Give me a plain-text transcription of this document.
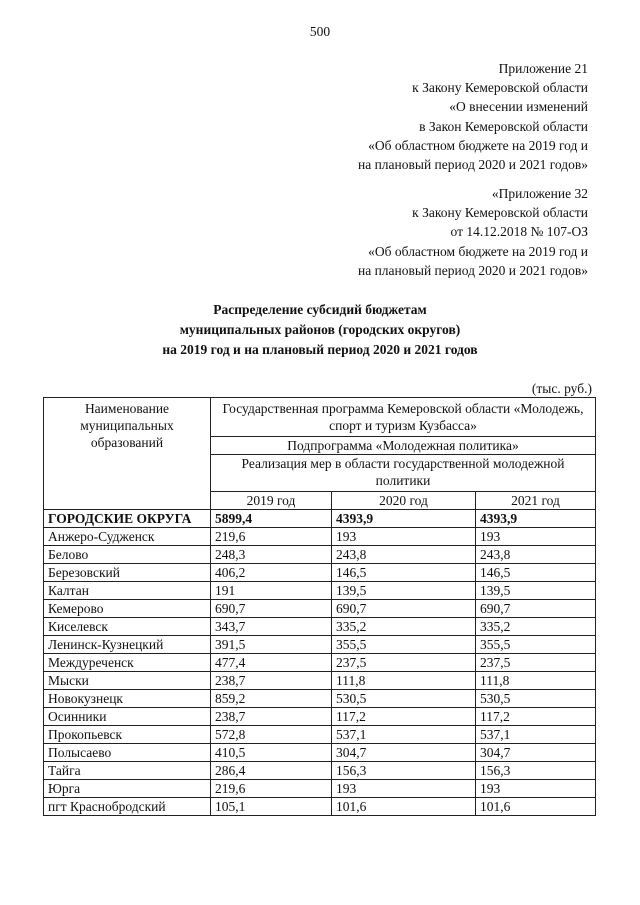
500
Приложение 21
к Закону Кемеровской области
«О внесении изменений
в Закон Кемеровской области
«Об областном бюджете на 2019 год и
на плановый период 2020 и 2021 годов»
«Приложение 32
к Закону Кемеровской области
от 14.12.2018 № 107-ОЗ
«Об областном бюджете на 2019 год и
на плановый период 2020 и 2021 годов»
Распределение субсидий бюджетам
муниципальных районов (городских округов)
на 2019 год и на плановый период 2020 и 2021 годов
(тыс. руб.)
Наименование
муниципальных
образований	Государственная программа Кемеровской области «Молодежь, спорт и туризм Кузбасса»		
	Подпрограмма «Молодежная политика»		
	Реализация мер в области государственной молодежной политики		
	2019 год	2020 год	2021 год
ГОРОДСКИЕ ОКРУГА	5899,4	4393,9	4393,9
Анжеро-Судженск	219,6	193	193
Белово	248,3	243,8	243,8
Березовский	406,2	146,5	146,5
Калтан	191	139,5	139,5
Кемерово	690,7	690,7	690,7
Киселевск	343,7	335,2	335,2
Ленинск-Кузнецкий	391,5	355,5	355,5
Междуреченск	477,4	237,5	237,5
Мыски	238,7	111,8	111,8
Новокузнецк	859,2	530,5	530,5
Осинники	238,7	117,2	117,2
Прокопьевск	572,8	537,1	537,1
Полысаево	410,5	304,7	304,7
Тайга	286,4	156,3	156,3
Юрга	219,6	193	193
пгт Краснобродский	105,1	101,6	101,6
